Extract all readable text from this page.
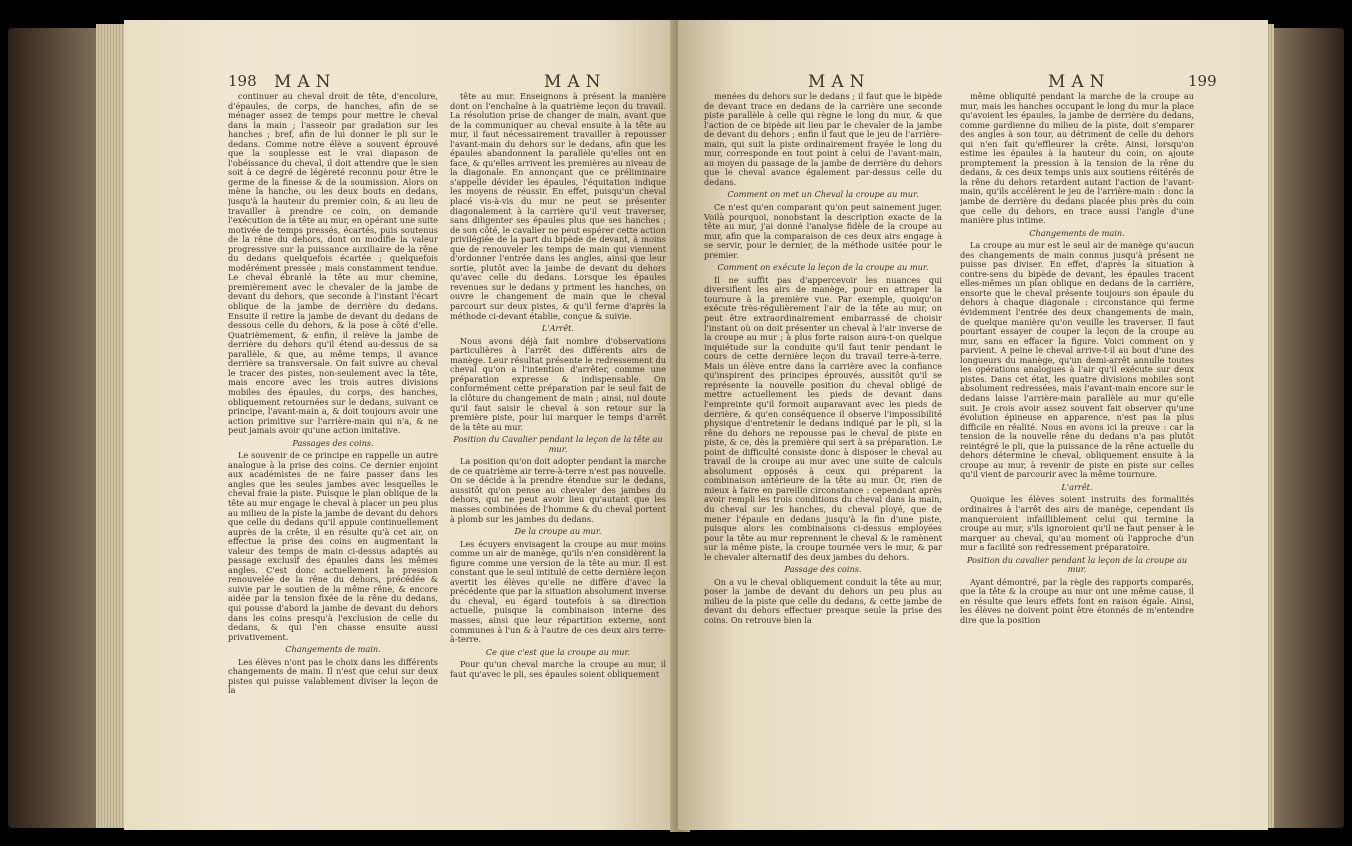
198 MAN	MAN

continuer au cheval droit de tête, d'encolure, d'épaules, de corps, de hanches, afin de se ménager assez de temps pour mettre le cheval dans la main ; l'asseoir par gradation sur les hanches ; bref, afin de lui donner le pli sur le dedans. Comme notre élève a souvent éprouvé que la souplesse est le vrai diapason de l'obéissance du cheval, il doit attendre que le sien soit à ce degré de légèreté reconnu pour être le germe de la finesse & de la soumission. Alors on mène la hanche, ou les deux bouts en dedans, jusqu'à la hauteur du premier coin, & au lieu de travailler à prendre ce coin, on demande l'exécution de la tête au mur, en opérant une suite motivée de temps pressés, écartés, puis soutenus de la rêne du dehors, dont on modifie la valeur progressive sur la puissance auxiliaire de la rêne du dedans quelquefois écartée ; quelquefois modérément pressée ; mais constamment tendue. Le cheval ébranlé la tête au mur chemine, premièrement avec le chevaler de la jambe de devant du dehors, que seconde à l'instant l'écart oblique de la jambe de derrière du dedans. Ensuite il retire la jambe de devant du dedans de dessous celle du dehors, & la pose à côté d'elle. Quatrièmement, & enfin, il relève la jambe de derrière du dehors qu'il étend au-dessus de sa parallèle, & que, au même temps, il avance derrière sa transversale. On fait suivre au cheval le tracer des pistes, non-seulement avec la tête, mais encore avec les trois autres divisions mobiles des épaules, du corps, des hanches, obliquement retournées sur le dedans, suivant ce principe, l'avant-main a, & doit toujours avoir une action primitive sur l'arrière-main qui n'a, & ne peut jamais avoir qu'une action imitative.

Passages des coins.

Le souvenir de ce principe en rappelle un autre analogue à la prise des coins. Ce dernier enjoint aux académistes de ne faire passer dans les angles que les seules jambes avec lesquelles le cheval fraie la piste. Puisque le plan oblique de la tête au mur engage le cheval à placer un peu plus au milieu de la piste la jambe de devant du dehors que celle du dedans qu'il appuie continuellement auprès de la crête, il en résulte qu'à cet air, on effectue la prise des coins en augmentant la valeur des temps de main ci-dessus adaptés au passage exclusif des épaules dans les mêmes angles. C'est donc actuellement la pression renouvelée de la rêne du dehors, précédée & suivie par le soutien de la même rêne, & encore aidée par la tension fixée de la rêne du dedans, qui pousse d'abord la jambe de devant du dehors dans les coins presqu'à l'exclusion de celle du dedans, & qui l'en chasse ensuite aussi privativement.

Changements de main.

Les élèves n'ont pas le choix dans les différents changements de main. Il n'est que celui sur deux pistes qui puisse valablement diviser la leçon de la

tête au mur. Enseignons à présent la manière dont on l'enchaîne à la quatrième leçon du travail. La résolution prise de changer de main, avant que de la communiquer au cheval ensuite à la tête au mur, il faut nécessairement travailler à repousser l'avant-main du dehors sur le dedans, afin que les épaules abandonnent la parallèle qu'elles ont en face, & qu'elles arrivent les premières au niveau de la diagonale. En annonçant que ce préliminaire s'appelle dévider les épaules, l'équitation indique les moyens de réussir. En effet, puisqu'un cheval placé vis-à-vis du mur ne peut se présenter diagonalement à la carrière qu'il veut traverser, sans diligenter ses épaules plus que ses hanches ; de son côté, le cavalier ne peut espérer cette action privilégiée de la part du bipède de devant, à moins que de renouveler les temps de main qui viennent d'ordonner l'entrée dans les angles, ainsi que leur sortie, plutôt avec la jambe de devant du dehors qu'avec celle du dedans. Lorsque les épaules revenues sur le dedans y priment les hanches, on ouvre le changement de main que le cheval parcourt sur deux pistes, & qu'il ferme d'après la méthode ci-devant établie, conçue & suivie.

L'Arrêt.

Nous avons déjà fait nombre d'observations particulières à l'arrêt des différents airs de manège. Leur résultat présente le redressement du cheval qu'on a l'intention d'arrêter, comme une préparation expresse & indispensable. On conformément cette préparation par le seul fait de la clôture du changement de main ; ainsi, nul doute qu'il faut saisir le cheval à son retour sur la première piste, pour lui marquer le temps d'arrêt de la tête au mur.

Position du Cavalier pendant la leçon de la tête au mur.

La position qu'on doit adopter pendant la marche de ce quatrième air terre-à-terre n'est pas nouvelle. On se décide à la prendre étendue sur le dedans, aussitôt qu'on pense au chevaler des jambes du dehors, qui ne peut avoir lieu qu'autant que les masses combinées de l'homme & du cheval portent à plomb sur les jambes du dedans.

De la croupe au mur.

Les écuyers envisagent la croupe au mur moins comme un air de manège, qu'ils n'en considèrent la figure comme une version de la tête au mur. Il est constant que le seul intitulé de cette dernière leçon avertit les élèves qu'elle ne diffère d'avec la précédente que par la situation absolument inverse du cheval, eu égard toutefois à sa direction actuelle, puisque la combinaison interne des masses, ainsi que leur répartition externe, sont communes à l'un & à l'autre de ces deux airs terre-à-terre.

Ce que c'est que la croupe au mur.

Pour qu'un cheval marche la croupe au mur, il faut qu'avec le pli, ses épaules soient obliquement

MAN	MAN	199

menées du dehors sur le dedans ; il faut que le bipède de devant trace en dedans de la carrière une seconde piste parallèle à celle qui règne le long du mur, & que l'action de ce bipède ait lieu par le chevaler de la jambe de devant du dehors ; enfin il faut que le jeu de l'arrière-main, qui suit la piste ordinairement frayée le long du mur, corresponde en tout point à celui de l'avant-main, au moyen du passage de la jambe de derrière du dehors que le cheval avance également par-dessus celle du dedans.

Comment on met un Cheval la croupe au mur.

Ce n'est qu'en comparant qu'on peut sainement juger. Voilà pourquoi, nonobstant la description exacte de la tête au mur, j'ai donné l'analyse fidèle de la croupe au mur, afin que la comparaison de ces deux airs engage à se servir, pour le dernier, de la méthode usitée pour le premier.

Comment on exécute la leçon de la croupe au mur.

Il ne suffit pas d'appercevoir les nuances qui diversifient les airs de manège, pour en attraper la tournure à la première vue. Par exemple, quoiqu'on exécute très-régulièrement l'air de la tête au mur, on peut être extraordinairement embarrassé de choisir l'instant où on doit présenter un cheval à l'air inverse de la croupe au mur ; à plus forte raison aura-t-on quelque inquiétude sur la conduite qu'il faut tenir pendant le cours de cette dernière leçon du travail terre-à-terre. Mais un élève entre dans la carrière avec la confiance qu'inspirent des principes éprouvés, aussitôt qu'il se représente la nouvelle position du cheval obligé de mettre actuellement les pieds de devant dans l'empreinte qu'il formoit auparavant avec les pieds de derrière, & qu'en conséquence il observe l'impossibilité physique d'entretenir le dedans indiqué par le pli, si la rêne du dehors ne repousse pas le cheval de piste en piste, & ce, dès la première qui sert à sa préparation. Le point de difficulté consiste donc à disposer le cheval au travail de la croupe au mur avec une suite de calculs absolument opposés à ceux qui préparent la combinaison antérieure de la tête au mur. Or, rien de mieux à faire en pareille circonstance : cependant après avoir rempli les trois conditions du cheval dans la main, du cheval sur les hanches, du cheval ployé, que de mener l'épaule en dedans jusqu'à la fin d'une piste, puisque alors les combinaisons ci-dessus employées pour la tête au mur reprennent le cheval & le ramènent sur la même piste, la croupe tournée vers le mur, & par le chevaler alternatif des deux jambes du dehors.

Passage des coins.

On a vu le cheval obliquement conduit la tête au mur, poser la jambe de devant du dehors un peu plus au milieu de la piste que celle du dedans, & cette jambe de devant du dehors effectuer presque seule la prise des coins. On retrouve bien la

même obliquité pendant la marche de la croupe au mur, mais les hanches occupant le long du mur la place qu'avoient les épaules, la jambe de derrière du dedans, comme gardienne du milieu de la piste, doit s'emparer des angles à son tour, au détriment de celle du dehors qui n'en fait qu'effleurer la crête. Ainsi, lorsqu'on estime les épaules à la hauteur du coin, on ajoute promptement la pression à la tension de la rêne du dedans, & ces deux temps unis aux soutiens réitérés de la rêne du dehors retardent autant l'action de l'avant-main, qu'ils accélèrent le jeu de l'arrière-main : donc la jambe de derrière du dedans placée plus près du coin que celle du dehors, en trace aussi l'angle d'une manière plus intime.

Changements de main.

La croupe au mur est le seul air de manège qu'aucun des changements de main connus jusqu'à présent ne puisse pas diviser. En effet, d'après la situation à contre-sens du bipède de devant, les épaules tracent elles-mêmes un plan oblique en dedans de la carrière, ensorte que le cheval présente toujours son épaule du dehors à chaque diagonale : circonstance qui ferme évidemment l'entrée des deux changements de main, de quelque manière qu'on veuille les traverser. Il faut pourtant essayer de couper la leçon de la croupe au mur, sans en effacer la figure. Voici comment on y parvient. A peine le cheval arrive-t-il au bout d'une des longueurs du manège, qu'un demi-arrêt annulle toutes les opérations analogues à l'air qu'il exécute sur deux pistes. Dans cet état, les quatre divisions mobiles sont absolument redressées, mais l'avant-main encore sur le dedans laisse l'arrière-main parallèle au mur qu'elle suit. Je crois avoir assez souvent fait observer qu'une évolution épineuse en apparence, n'est pas la plus difficile en réalité. Nous en avons ici la preuve : car la tension de la nouvelle rêne du dedans n'a pas plutôt reintégré le pli, que la puissance de la rêne actuelle du dehors détermine le cheval, obliquement ensuite à la croupe au mur, à revenir de piste en piste sur celles qu'il vient de parcourir avec la même tournure.

L'arrêt.

Quoique les élèves soient instruits des formalités ordinaires à l'arrêt des airs de manège, cependant ils manqueroient infailliblement celui qui termine la croupe au mur, s'ils ignoroient qu'il ne faut penser à le marquer au cheval, qu'au moment où l'approche d'un mur a facilité son redressement préparatoire.

Position du cavalier pendant la leçon de la croupe au mur.

Ayant démontré, par la règle des rapports comparés, que la tête & la croupe au mur ont une même cause, il en résulte que leurs effets font en raison égale. Ainsi, les élèves ne doivent point être étonnés de m'entendre dire que la position
